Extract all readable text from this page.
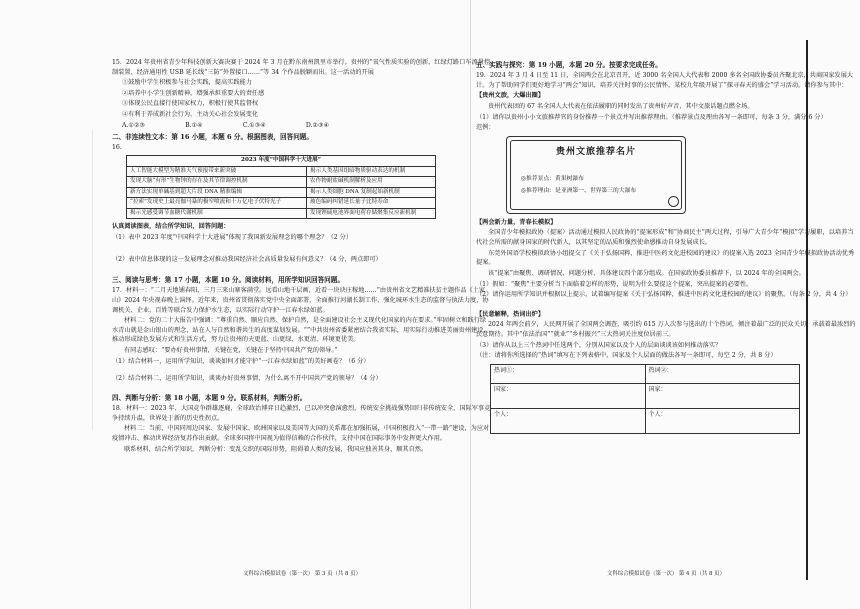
15．2024 年贵州省青少年科技创新大赛决赛于 2024 年 3 月在黔东南州凯里市举行。贵州的“氧气性质实验的创新、红绿灯路口车流量控制装置、经济通用性 USB 延长线“三防”外置接口……”等 34 个作品脱颖而出。这一活动的开展

①鼓励中学生积极参与社会实践，提高实践能力

②培养中小学生创新精神，增强承担重要大的责任感

③体现公民直接行使国家权力，积极行使其监督权

④有利于养成新社会行为，主动关心社会发展变化

A.①②③	B.①④	C.①③④	D.②③④

二、非连续性文本：第 16 小题，本题 6 分。根据图表，回答问题。

16.

2023 年度“中国科学十大进展”	
人工智能大模型为精准天气预报带来新突破	揭示人类基因组暗物质驱动表达的机制
发现大脑“有形”生物钟的存在及其节律调控机制	农作物耐盐碱机制解析及应用
新方法实现单碱基到超大片段 DNA 精准编辑	揭示人类细胞 DNA 复制起始新机制
“拉索”发现史上最亮伽马暴的极窄喷流和十万亿电子伏特光子	玻色编码纠错延长量子比特寿命
揭示光感受调节血糖代谢机制	发现锂硫电池界面电荷存储聚集反应新机制

认真阅读图表，结合所学知识，回答问题：

（1）表中 2023 年度“中国科学十大进展”体现了我国新发展理念的哪个理念？（2 分）

（2）表中信息体现的这一发展理念对推动我国经济社会高质量发展有何意义？（4 分，两点即可）

三、阅读与思考：第 17 小题，本题 10 分。阅读材料，用所学知识回答问题。

17．材料一：“二月天地铺春阳，三月三来山寨客满堂。远看山地千层画，近看一块块庄稼地……”由贵州省文艺精准扶贫主题作品《土家山》2024 年央视春晚上演绎。近年来，贵州省贯彻落实党中央全面部署，全面推行河湖长制工作，强化城环水生态的监督与执法力度，协调机关、企业、百姓等联合发力保护水生态，以实际行动守护一江春水绿如蓝。

材料二：党的二十大报告中强调：“尊重自然、顺应自然、保护自然，是全面建设社会主义现代化国家的内在要求。”牢固树立和践行绿水青山就是金山银山的理念，站在人与自然和谐共生的高度谋划发展。“”中共贵州省委紧密结合我省实际，用实际行动推进美丽贵州建设，推动形成绿色发展方式和生活方式，努力让贵州的天更蓝、山更绿、水更清、环境更优美。

有同志感叹：“要办好贵州事情，关键在党，关键在于坚持中国共产党的领导。”

（1）结合材料一，运用所学知识，谈谈如何才能守护“一江春水绿如蓝”的美好画卷？（6 分）

（2）结合材料二，运用所学知识，谈谈办好贵州事情，为什么离不开中国共产党的领导？（4 分）

四、判断与分析：第 18 小题，本题 9 分。联系材料，判断分析。

18．材料一：2023 年，大国竞争群雄逐鹿，全球政治博弈日趋激烈，已以冲突愈演愈烈，传统安全挑战强势回归非传统安全，国际军事竞争持续升温，世界处于新的历史性拐点。

材料二：当前，中国同周边国家、发展中国家、欧洲国家以及美国等大国的关系都在加强拓展，中国积极投入“一带一路”建设，为应对疫情冲击、推动世界经济复苏作出贡献。全球多国将中国视为值得信赖的合作伙伴，支持中国在国际事务中发挥更大作用。

联系材料，结合所学知识，判断分析：变乱交织的国际形势，阻碍着人类的发展，我国应独善其身、顺其自然。

文科综合模拟试卷（第一次） 第 3 页（共 8 页）

五、实践与探究：第 19 小题，本题 20 分。按要求完成任务。

19．2024 年 3 月 4 日至 11 日，全国两会在北京召开，近 3000 名全国人大代表和 2000 多名全国政协委员齐聚北京，共商国家发展大计。为了帮助同学们更好地学习“两会”知识，培养关注时事的公民情怀，某校九年级开展了“探寻春天的盛会”学习活动。请你参与其中：

【贵州文旅，大爆出圈】

贵州代表团的 67 名全国人大代表在依法履职的同时发出了贵州好声音，其中文旅话题点燃全场。

（1）请你以贵州小小文旅推荐官的身份推荐一个景点并写出推荐理由。（推荐景点及理由各写一条即可，每条 3 分，满分 6 分）

范例：

贵州文旅推荐名片
◎推荐景点：黄果树瀑布
◎推荐理由：是亚洲第一、世界第三的大瀑布

【两会新力量，青春长模拟】

全国青少年模拟政协（提案）活动通过模拟人民政协的“提案形成”和“协商民主”两大过程，引导广大青少年“模拟”学习履职，以培养当代社会所需的献身国家的时代新人，以其坚定的品质和强烈使命感推动自身发展成长。

东莞外国语学校模拟政协小组提交了《关于弘扬国粹，推进中医药文化进校园的建议》的提案入选 2023 全国青少年模拟政协活动优秀提案。

该“提案”由聚焦、调研情况、问题分析、具体建议四个部分组成。在国家政协委员推荐下，以 2024 年的全国两会。

（1）假如：“聚焦”主要分析当下面临着怎样的形势，说明为什么要提这个提案，突出提案的必要性。

（2）请你运用所学知识并根据以上提示，试着编写提案《关于弘扬国粹，推进中医药文化进校园的建议》的聚焦。（每条 2 分，共 4 分）

【民意解释，热词出炉】

2024 年两会前夕，人民网开展了全国两会调查，吸引约 615 万人次参与选出的十个热词，倾注着最广泛的民众关切，承载着最浓烈的民意期待。其中“依法治国”“就业”“乡村振兴”三大热词关注度位居前三。

（3）请你从以上三个热词中任选两个，分别从国家以及个人的层面谈谈该如何推动落实？

（注：请将你所选择的“热词”填写在下列表格中，国家及个人层面的做法各写一条即可，每空 2 分，共 8 分）

热词①：	热词②：
国家：	国家：
个人：	个人：
文科综合模拟试卷（第一次） 第 4 页（共 8 页）
